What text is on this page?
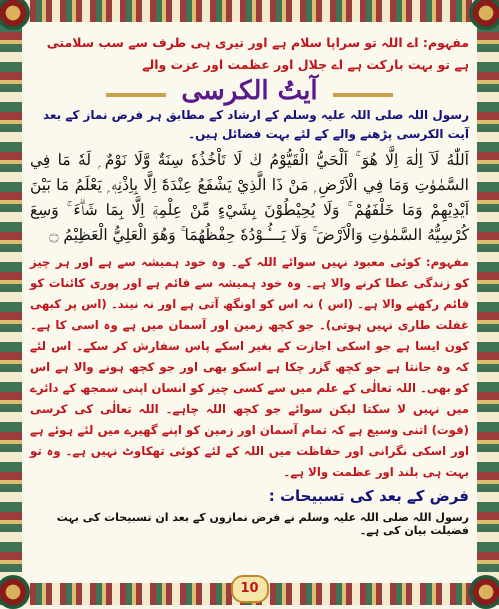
مفہوم: اے اللہ تو سراپا سلام ہے اور تیری ہی طرف سے سب سلامتی ہے تو بہت بارکت ہے اے جلال اور عظمت اور عزت والے

آیتُ الکرسی

رسول اللہ صلی اللہ علیہ وسلم کے ارشاد کے مطابق ہر فرض نماز کے بعد آیت الکرسی پڑھنے والے کے لئے بہت فضائل ہیں۔

اَللّٰهُ لَآ اِلٰهَ اِلَّا هُوَ ۚ اَلْحَيُّ الْقَيُّوْمُ ڬ لَا تَاْخُذُهٗ سِنَةٌ وَّلَا نَوْمٌ ۭ لَهٗ مَا فِي السَّمٰوٰتِ وَمَا فِي الْاَرْضِ ۭ مَنْ ذَا الَّذِيْ يَشْفَعُ عِنْدَهٗٓ اِلَّا بِاِذْنِهٖ ۭ يَعْلَمُ مَا بَيْنَ اَيْدِيْهِمْ وَمَا خَلْفَهُمْ ۚ وَلَا يُحِيْطُوْنَ بِشَيْءٍ مِّنْ عِلْمِهٖٓ اِلَّا بِمَا شَاۗءَ ۚ وَسِعَ كُرْسِيُّهُ السَّمٰوٰتِ وَالْاَرْضَ ۚ وَلَا يَـــُٔـوْدُهٗ حِفْظُهُمَا ۚ وَهُوَ الْعَلِيُّ الْعَظِيْمُ ۝

مفہوم: کوئی معبود نہیں سوائے اللہ کے۔ وہ خود ہمیشہ سے ہے اور ہر چیز کو زندگی عطا کرنے والا ہے۔ وہ خود ہمیشہ سے قائم ہے اور پوری کائنات کو قائم رکھنے والا ہے۔ (اس ) نہ اس کو اونگھ آتی ہے اور نہ نیند۔ (اس پر کبھی غفلت طاری نہیں ہوتی)۔ جو کچھ زمین اور آسمان میں ہے وہ اسی کا ہے۔ کون ایسا ہے جو اسکی اجازت کے بغیر اسکے پاس سفارش کر سکے۔ اس لئے کہ وہ جانتا ہے جو کچھ گزر چکا ہے اسکو بھی اور جو کچھ ہونے والا ہے اس کو بھی۔ اللہ تعالٰی کے علم میں سے کسی چیز کو انسان اپنی سمجھ کے دائرے میں نہیں لا سکتا لیکن سوائے جو کچھ اللہ چاہے۔ اللہ تعالٰی کی کرسی (قوت) اتنی وسیع ہے کہ تمام آسمان اور زمین کو اپنے گھیرے میں لئے ہوئے ہے اور اسکی نگرانی اور حفاظت میں اللہ کے لئے کوئی تھکاوٹ نہیں ہے۔ وہ تو بہت ہی بلند اور عظمت والا ہے۔

فرض کے بعد کی تسبیحات :

رسول اللہ صلی اللہ علیہ وسلم نے فرض نمازوں کے بعد ان تسبیحات کی بہت فضیلت بیان کی ہے۔

10
